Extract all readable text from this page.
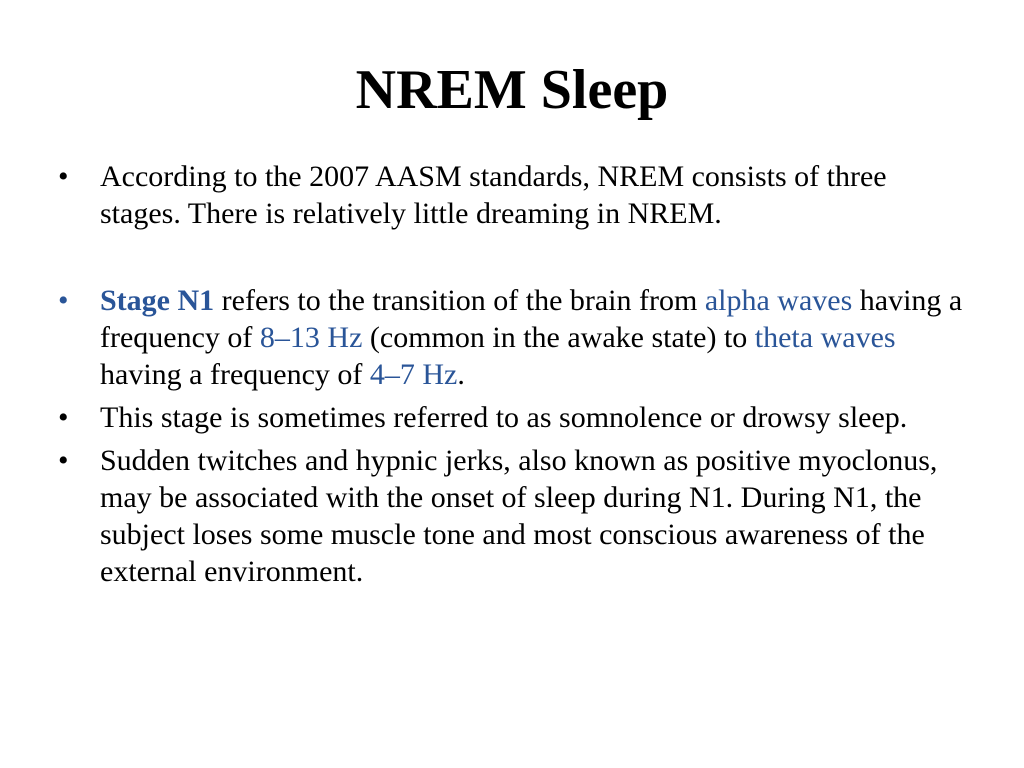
NREM Sleep
• According to the 2007 AASM standards, NREM consists of three stages. There is relatively little dreaming in NREM.
• Stage N1 refers to the transition of the brain from alpha waves having a frequency of 8–13 Hz (common in the awake state) to theta waves having a frequency of 4–7 Hz.
• This stage is sometimes referred to as somnolence or drowsy sleep.
• Sudden twitches and hypnic jerks, also known as positive myoclonus, may be associated with the onset of sleep during N1. During N1, the subject loses some muscle tone and most conscious awareness of the external environment.
